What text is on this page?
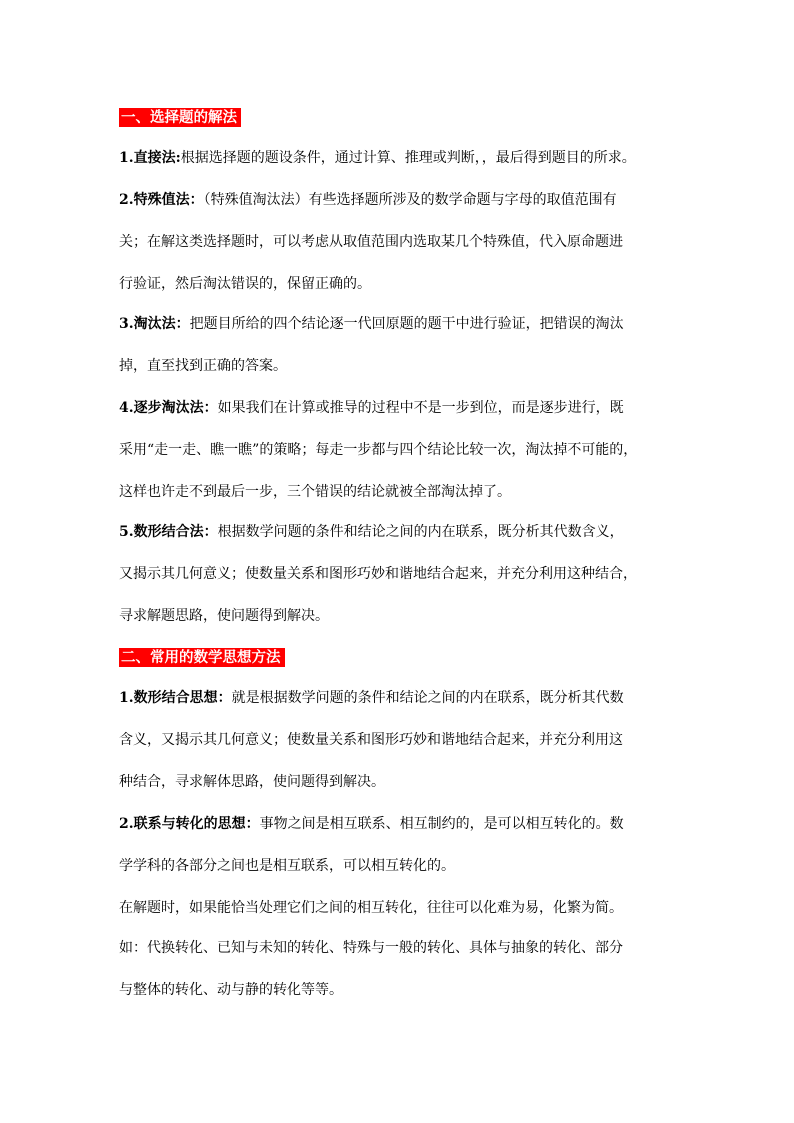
一、选择题的解法
1.直接法:根据选择题的题设条件，通过计算、推理或判断，，最后得到题目的所求。
2.特殊值法：（特殊值淘汰法）有些选择题所涉及的数学命题与字母的取值范围有
关；在解这类选择题时，可以考虑从取值范围内选取某几个特殊值，代入原命题进
行验证，然后淘汰错误的，保留正确的。
3.淘汰法：把题目所给的四个结论逐一代回原题的题干中进行验证，把错误的淘汰
掉，直至找到正确的答案。
4.逐步淘汰法：如果我们在计算或推导的过程中不是一步到位，而是逐步进行，既
采用“走一走、瞧一瞧”的策略；每走一步都与四个结论比较一次，淘汰掉不可能的，
这样也许走不到最后一步，三个错误的结论就被全部淘汰掉了。
5.数形结合法：根据数学问题的条件和结论之间的内在联系，既分析其代数含义，
又揭示其几何意义；使数量关系和图形巧妙和谐地结合起来，并充分利用这种结合，
寻求解题思路，使问题得到解决。
二、常用的数学思想方法
1.数形结合思想：就是根据数学问题的条件和结论之间的内在联系，既分析其代数
含义，又揭示其几何意义；使数量关系和图形巧妙和谐地结合起来，并充分利用这
种结合，寻求解体思路，使问题得到解决。
2.联系与转化的思想：事物之间是相互联系、相互制约的，是可以相互转化的。数
学学科的各部分之间也是相互联系，可以相互转化的。
在解题时，如果能恰当处理它们之间的相互转化，往往可以化难为易，化繁为简。
如：代换转化、已知与未知的转化、特殊与一般的转化、具体与抽象的转化、部分
与整体的转化、动与静的转化等等。
